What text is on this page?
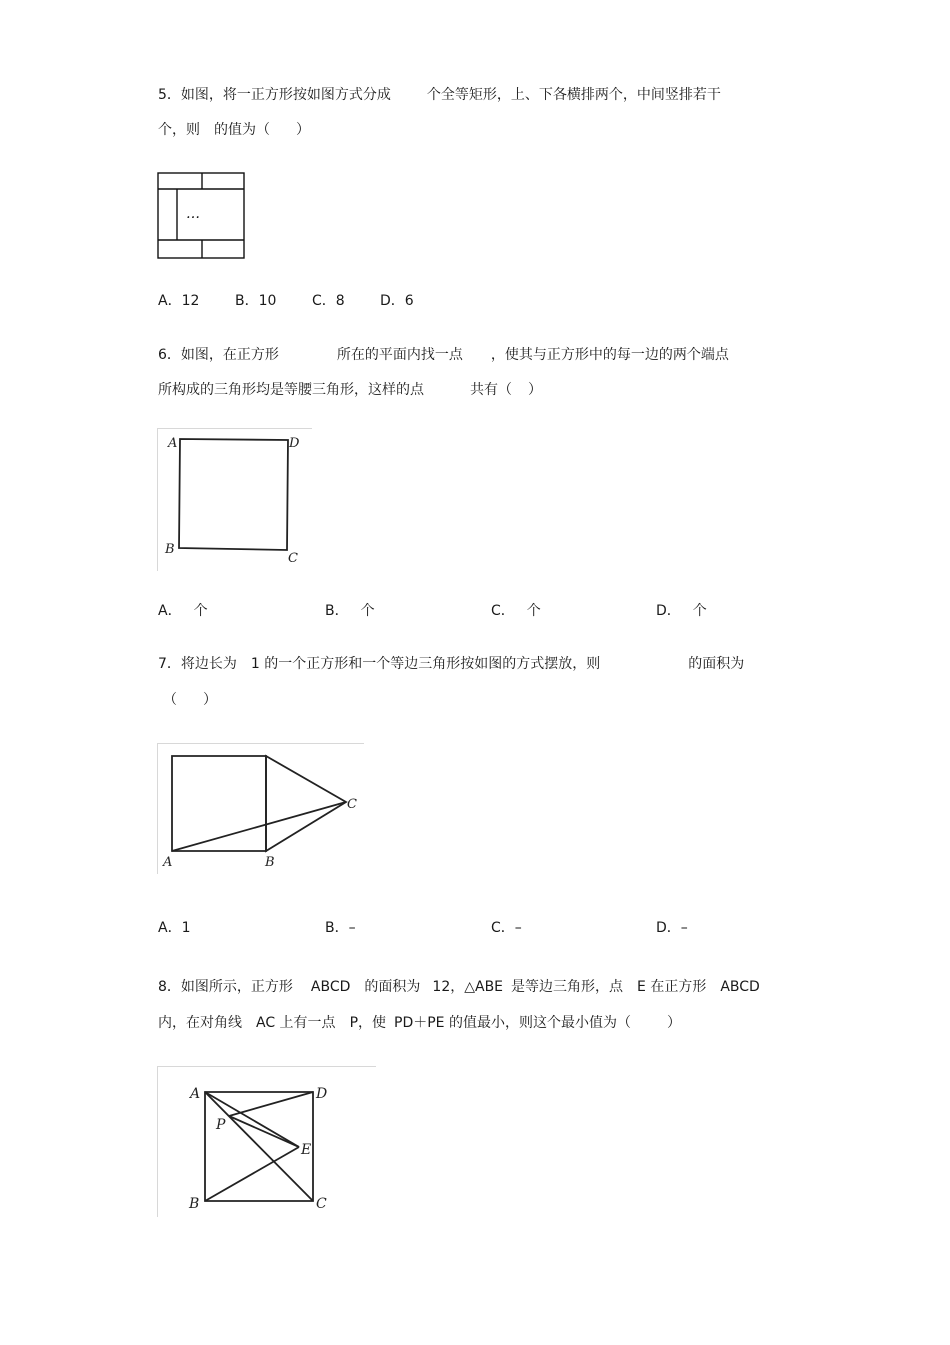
5．如图，将一正方形按如图方式分成	个全等矩形，上、下各横排两个，中间竖排若干
个，则 的值为（ ）
…
A．12	B．10	C．8	D．6
6．如图，在正方形	所在的平面内找一点 ，使其与正方形中的每一边的两个端点
所构成的三角形均是等腰三角形，这样的点	共有（ ）
A	D
B
C
A． 个	B． 个	C． 个	D． 个
7．将边长为 1 的一个正方形和一个等边三角形按如图的方式摆放，则	的面积为
（ ）
C
A	B
A．1	B．–	C．–	D．–
8．如图所示，正方形 ABCD 的面积为 12，△ABE 是等边三角形，点 E 在正方形 ABCD
内，在对角线 AC 上有一点 P，使 PD＋PE 的值最小，则这个最小值为（	）
A	D
P
E
B	C
